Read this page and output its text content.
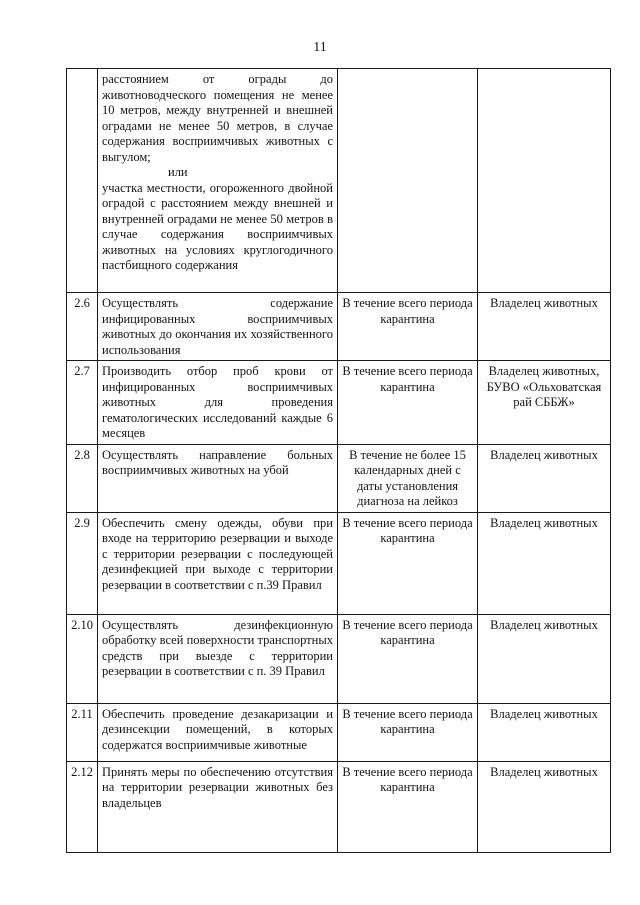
11

	расстоянием от ограды до животноводческого помещения не менее 10 метров, между внутренней и внешней оградами не менее 50 метров, в случае содержания восприимчивых животных с выгулом;
или
участка местности, огороженного двойной оградой с расстоянием между внешней и внутренней оградами не менее 50 метров в случае содержания восприимчивых животных на условиях круглогодичного пастбищного содержания		

2.6	Осуществлять содержание инфицированных восприимчивых животных до окончания их хозяйственного использования	В течение всего периода карантина	Владелец животных
2.7	Производить отбор проб крови от инфицированных восприимчивых животных для проведения гематологических исследований каждые 6 месяцев	В течение всего периода карантина	Владелец животных, БУВО «Ольховатская рай СББЖ»
2.8	Осуществлять направление больных восприимчивых животных на убой	В течение не более 15 календарных дней с даты установления диагноза на лейкоз	Владелец животных
2.9	Обеспечить смену одежды, обуви при входе на территорию резервации и выходе с территории резервации с последующей дезинфекцией при выходе с территории резервации в соответствии с п.39 Правил	В течение всего периода карантина	Владелец животных
2.10	Осуществлять дезинфекционную обработку всей поверхности транспортных средств при выезде с территории резервации в соответствии с п. 39 Правил	В течение всего периода карантина	Владелец животных
2.11	Обеспечить проведение дезакаризации и дезинсекции помещений, в которых содержатся восприимчивые животные	В течение всего периода карантина	Владелец животных
2.12	Принять меры по обеспечению отсутствия на территории резервации животных без владельцев	В течение всего периода карантина	Владелец животных
